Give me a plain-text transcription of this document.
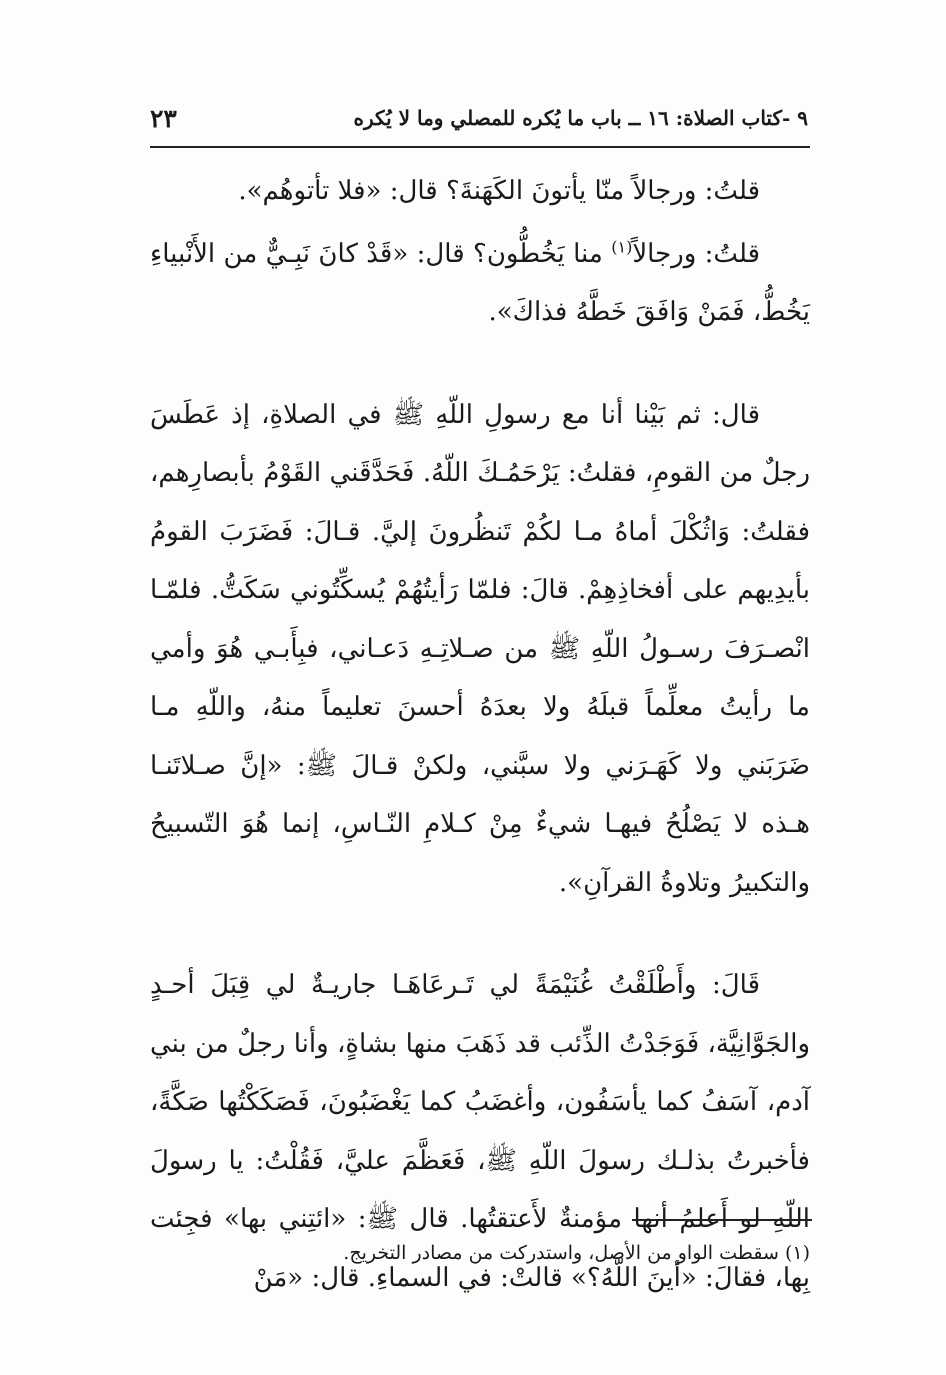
٩ -كتاب الصلاة: ١٦ ــ باب ما يُكره للمصلي وما لا يُكره
٢٣

قلتُ: ورجالاً منّا يأتونَ الكَهَنةَ؟ قال: «فلا تأتوهُم».

قلتُ: ورجالاً$^{(١)}$ منا يَخُطُّون؟ قال: «قَدْ كانَ نَبِـيٌّ من الأَنْبياءِ يَخُطُّ، فَمَنْ وَافَقَ خَطَّهُ فذاكَ».

قال: ثم بَيْنا أنا مع رسولِ اللّهِ ﷺ في الصلاةِ، إذ عَطَسَ رجلٌ من القومِ، فقلتُ: يَرْحَمُـكَ اللّهُ. فَحَدَّقَني القَوْمُ بأبصارِهم، فقلتُ: وَاثُكْلَ أماهُ مـا لكُمْ تَنظُرونَ إليَّ. قـالَ: فَضَرَبَ القومُ بأيدِيهم على أفخاذِهِمْ. قالَ: فلمّا رَأيتُهُمْ يُسكِّتُوني سَكَتُّ. فلمّـا انْصـرَفَ رسـولُ اللّهِ ﷺ من صـلاتِـهِ دَعـاني، فبِأَبـي هُوَ وأمي ما رأيتُ معلِّماً قبلَهُ ولا بعدَهُ أحسنَ تعليماً منهُ، واللّهِ مـا ضَرَبَني ولا كَهَـرَني ولا سبَّني، ولكنْ قـالَ ﷺ: «إنَّ صـلاتَنـا هـذه لا يَصْلُحُ فيهـا شيءٌ مِنْ كـلامِ النّـاسِ، إنما هُوَ التّسبيحُ والتكبيرُ وتلاوةُ القرآنِ».

قَالَ: وأَطْلَقْتُ غُنَيْمَةً لي تَـرعَاهَـا جاريـةٌ لي قِبَلَ أحـدٍ والجَوَّانِيَّة، فَوَجَدْتُ الذِّئب قد ذَهَبَ منها بشاةٍ، وأنا رجلٌ من بني آدم، آسَفُ كما يأسَفُون، وأغضَبُ كما يَغْضَبُونَ، فَصَكَكْتُها صَكَّةً، فأخبرتُ بذلـك رسولَ اللّهِ ﷺ، فَعَظَّمَ عليَّ، فَقُلْتُ: يا رسولَ اللّهِ لو أَعلمُ أنها مؤمنةٌ لأَعتقتُها. قال ﷺ: «ائتِني بها» فجِئت بِها، فقالَ: «أينَ اللّهُ؟» قالتْ: في السماءِ. قال: «مَنْ

(١) سقطت الواو من الأصل، واستدركت من مصادر التخريج.
